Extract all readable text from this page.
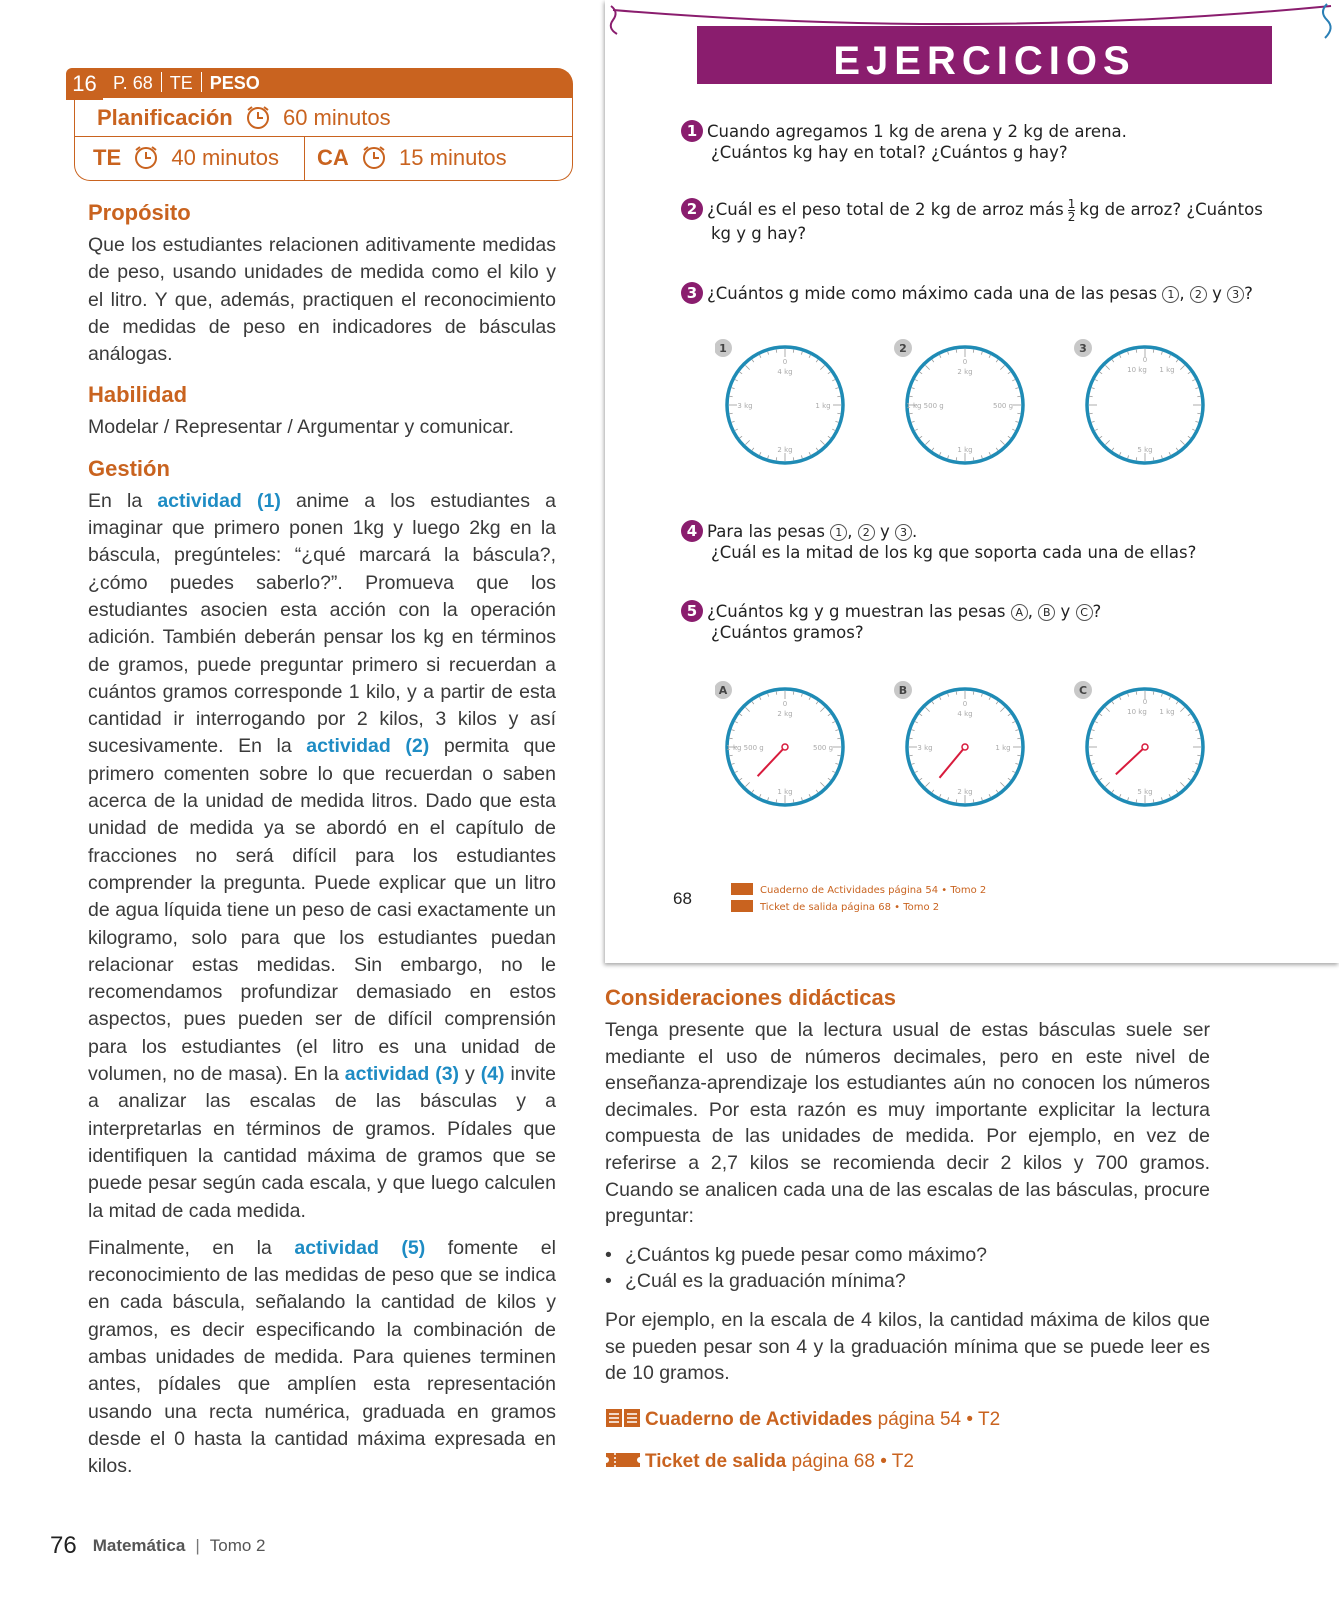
16 P. 68 TE PESO
Planificación 60 minutos
TE 40 minutos	CA 15 minutos
Propósito

Que los estudiantes relacionen aditivamente medidas de peso, usando unidades de medida como el kilo y el litro. Y que, además, practiquen el reconocimiento de medidas de peso en indicadores de básculas análogas.

Habilidad

Modelar / Representar / Argumentar y comunicar.

Gestión

En la actividad (1) anime a los estudiantes a imaginar que primero ponen 1kg y luego 2kg en la báscula, pregúnteles: “¿qué marcará la báscula?, ¿cómo puedes saberlo?”. Promueva que los estudiantes asocien esta acción con la operación adición. También deberán pensar los kg en términos de gramos, puede preguntar primero si recuerdan a cuántos gramos corresponde 1 kilo, y a partir de esta cantidad ir interrogando por 2 kilos, 3 kilos y así sucesivamente. En la actividad (2) permita que primero comenten sobre lo que recuerdan o saben acerca de la unidad de medida litros. Dado que esta unidad de medida ya se abordó en el capítulo de fracciones no será difícil para los estudiantes comprender la pregunta. Puede explicar que un litro de agua líquida tiene un peso de casi exactamente un kilogramo, solo para que los estudiantes puedan relacionar estas medidas. Sin embargo, no le recomendamos profundizar demasiado en estos aspectos, pues pueden ser de difícil comprensión para los estudiantes (el litro es una unidad de volumen, no de masa). En la actividad (3) y (4) invite a analizar las escalas de las básculas y a interpretarlas en términos de gramos. Pídales que identifiquen la cantidad máxima de gramos que se puede pesar según cada escala, y que luego calculen la mitad de cada medida.

Finalmente, en la actividad (5) fomente el reconocimiento de las medidas de peso que se indica en cada báscula, señalando la cantidad de kilos y gramos, es decir especificando la combinación de ambas unidades de medida. Para quienes terminen antes, pídales que amplíen esta representación usando una recta numérica, graduada en gramos desde el 0 hasta la cantidad máxima expresada en kilos.

EJERCICIOS
1 Cuando agregamos 1 kg de arena y 2 kg de arena.
¿Cuántos kg hay en total? ¿Cuántos g hay?
2 ¿Cuál es el peso total de 2 kg de arroz más $\frac{1}{2}$ kg de arroz? ¿Cuántos
kg y g hay?
3 ¿Cuántos g mide como máximo cada una de las pesas 1 , 2 y 3 ?
1
0
4 kg
1 kg
2 kg
3 kg
2
0
2 kg
500 g
1 kg
1 kg 500 g
3
0
10 kg 1 kg
5 kg
4 Para las pesas 1 , 2 y 3 .
¿Cuál es la mitad de los kg que soporta cada una de ellas?
5 ¿Cuántos kg y g muestran las pesas A , B y C ?
¿Cuántos gramos?
A
0
2 kg
500 g
1 kg
1 kg 500 g
B
0
4 kg
1 kg
2 kg
3 kg
C
0
10 kg 1 kg
5 kg
68	Cuaderno de Actividades página 54 • Tomo 2
Ticket de salida página 68 • Tomo 2
Consideraciones didácticas

Tenga presente que la lectura usual de estas básculas suele ser mediante el uso de números decimales, pero en este nivel de enseñanza-aprendizaje los estudiantes aún no conocen los números decimales. Por esta razón es muy importante explicitar la lectura compuesta de las unidades de medida. Por ejemplo, en vez de referirse a 2,7 kilos se recomienda decir 2 kilos y 700 gramos. Cuando se analicen cada una de las escalas de las básculas, procure preguntar:

• ¿Cuántos kg puede pesar como máximo?
• ¿Cuál es la graduación mínima?

Por ejemplo, en la escala de 4 kilos, la cantidad máxima de kilos que se pueden pesar son 4 y la graduación mínima que se puede leer es de 10 gramos.

Cuaderno de Actividades página 54 • T2
Ticket de salida página 68 • T2
76 Matemática | Tomo 2
